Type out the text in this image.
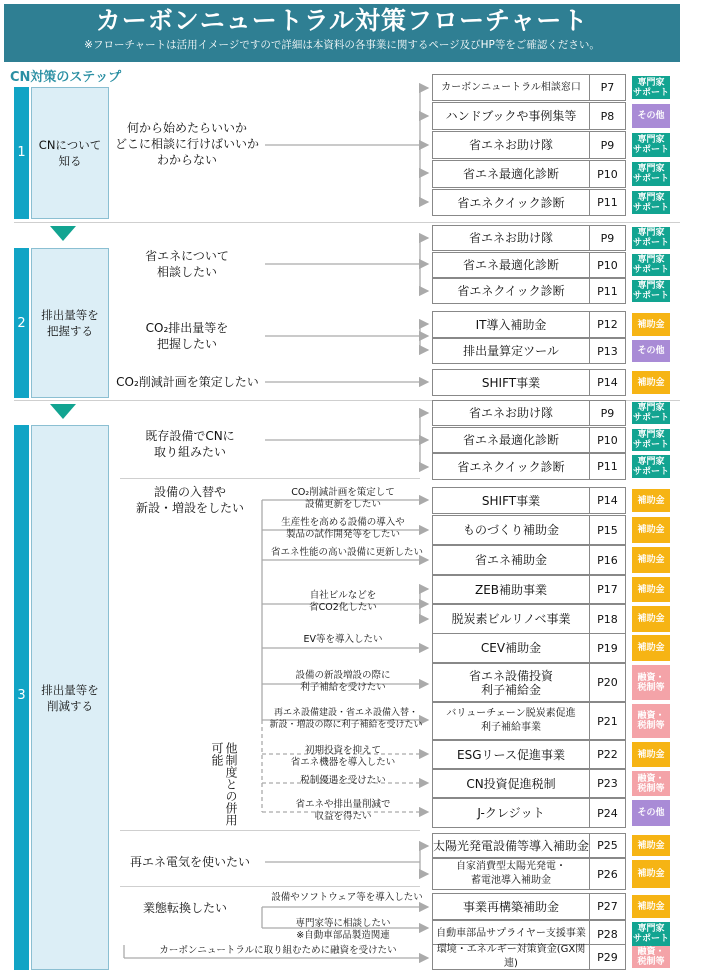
カーボンニュートラル対策フローチャート
※フローチャートは活用イメージですので詳細は本資料の各事業に関するページ及びHP等をご確認ください。
CN対策のステップ
1 CNについて
知る
2
排出量等を
把握する
3 排出量等を
削減する
何から始めたらいいか
どこに相談に行けばいいか
わからない
省エネについて
相談したい
CO₂排出量等を
把握したい
CO₂削減計画を策定したい
既存設備でCNに
取り組みたい
設備の入替や
新設・増設をしたい
再エネ電気を使いたい
業態転換したい
カーボンニュートラルに取り組むために融資を受けたい
他制度との併用可能
CO₂削減計画を策定して
設備更新をしたい
生産性を高める設備の導入や
製品の試作開発等をしたい
省エネ性能の高い設備に更新したい
自社ビルなどを
省CO2化したい
EV等を導入したい
設備の新設増設の際に
利子補給を受けたい
再エネ設備建設・省エネ設備入替・
新設・増設の際に利子補給を受けたい
初期投資を抑えて
省エネ機器を導入したい
税制優遇を受けたい
省エネや排出量削減で
収益を得たい
設備やソフトウェア等を導入したい
専門家等に相談したい
※自動車部品製造関連
カーボンニュートラル相談窓口	P7	専門家
サポート
ハンドブックや事例集等	P8	その他
省エネお助け隊	P9	専門家
サポート
省エネ最適化診断	P10	専門家
サポート
省エネクイック診断	P11	専門家
サポート
省エネお助け隊	P9	専門家
サポート
省エネ最適化診断	P10	専門家
サポート
省エネクイック診断	P11	専門家
サポート
IT導入補助金	P12	補助金
排出量算定ツール	P13	その他
SHIFT事業	P14	補助金
省エネお助け隊	P9	専門家
サポート
省エネ最適化診断	P10	専門家
サポート
省エネクイック診断	P11	専門家
サポート
SHIFT事業	P14	補助金
ものづくり補助金	P15	補助金
省エネ補助金	P16	補助金
ZEB補助事業	P17	補助金
脱炭素ビルリノベ事業	P18	補助金
CEV補助金	P19	補助金
省エネ設備投資
利子補給金	P20	融資・
税制等
バリューチェーン脱炭素促進
利子補給事業	P21	融資・
税制等
ESGリース促進事業	P22	補助金
CN投資促進税制	P23	融資・
税制等
J-クレジット	P24	その他
太陽光発電設備等導入補助金 P25	補助金
自家消費型太陽光発電・
蓄電池導入補助金	P26	補助金
事業再構築補助金	P27	補助金
自動車部品サプライヤー支援事業	P28	専門家
サポート
環境・エネルギー対策資金(GX関連)	P29	融資・
税制等
